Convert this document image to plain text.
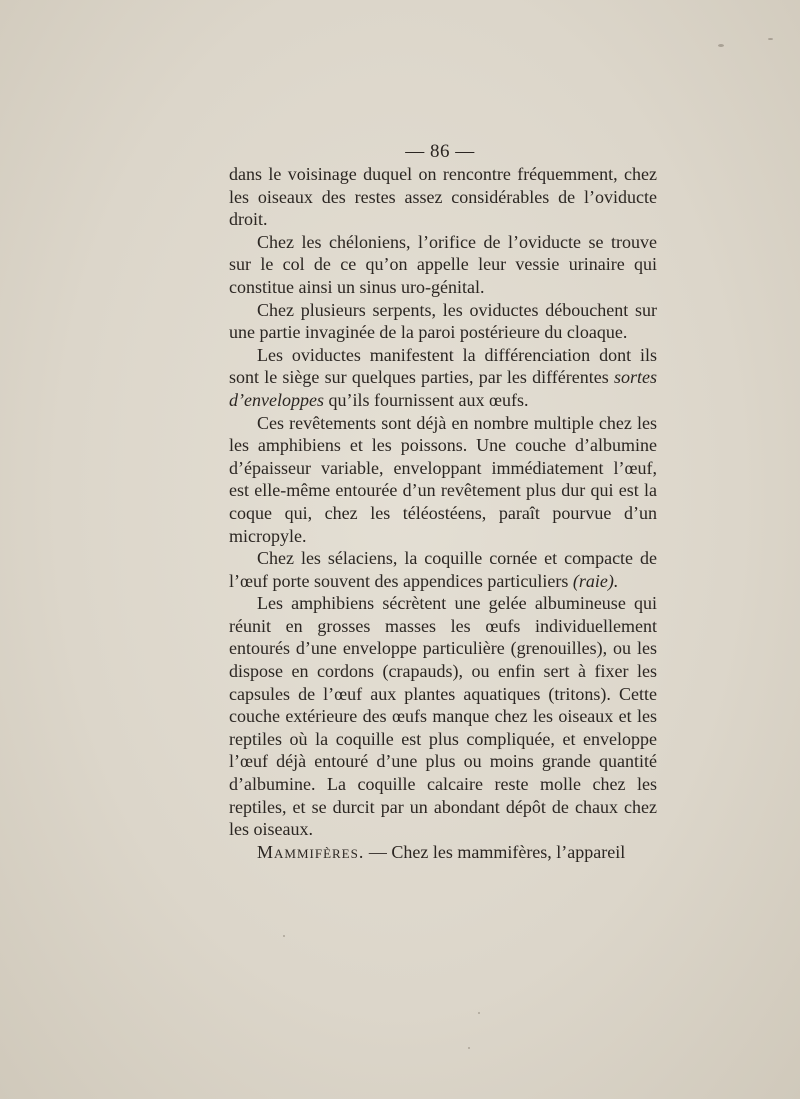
— 86 —

dans le voisinage duquel on rencontre fréquemment, chez les oiseaux des restes assez considérables de l’oviducte droit.

Chez les chéloniens, l’orifice de l’oviducte se trouve sur le col de ce qu’on appelle leur vessie urinaire qui constitue ainsi un sinus uro-génital.

Chez plusieurs serpents, les oviductes débouchent sur une partie invaginée de la paroi postérieure du cloaque.

Les oviductes manifestent la différenciation dont ils sont le siège sur quelques parties, par les différentes sortes d’enveloppes qu’ils fournissent aux œufs.

Ces revêtements sont déjà en nombre multiple chez les les amphibiens et les poissons. Une couche d’albumine d’épaisseur variable, enveloppant immédiatement l’œuf, est elle-même entourée d’un revêtement plus dur qui est la coque qui, chez les téléostéens, paraît pourvue d’un micropyle.

Chez les sélaciens, la coquille cornée et compacte de l’œuf porte souvent des appendices particuliers (raie).

Les amphibiens sécrètent une gelée albumineuse qui réunit en grosses masses les œufs individuellement entourés d’une enveloppe particulière (grenouilles), ou les dispose en cordons (crapauds), ou enfin sert à fixer les capsules de l’œuf aux plantes aquatiques (tritons). Cette couche extérieure des œufs manque chez les oiseaux et les reptiles où la coquille est plus compliquée, et enveloppe l’œuf déjà entouré d’une plus ou moins grande quantité d’albumine. La coquille calcaire reste molle chez les reptiles, et se durcit par un abondant dépôt de chaux chez les oiseaux.

Mammifères. — Chez les mammifères, l’appareil
